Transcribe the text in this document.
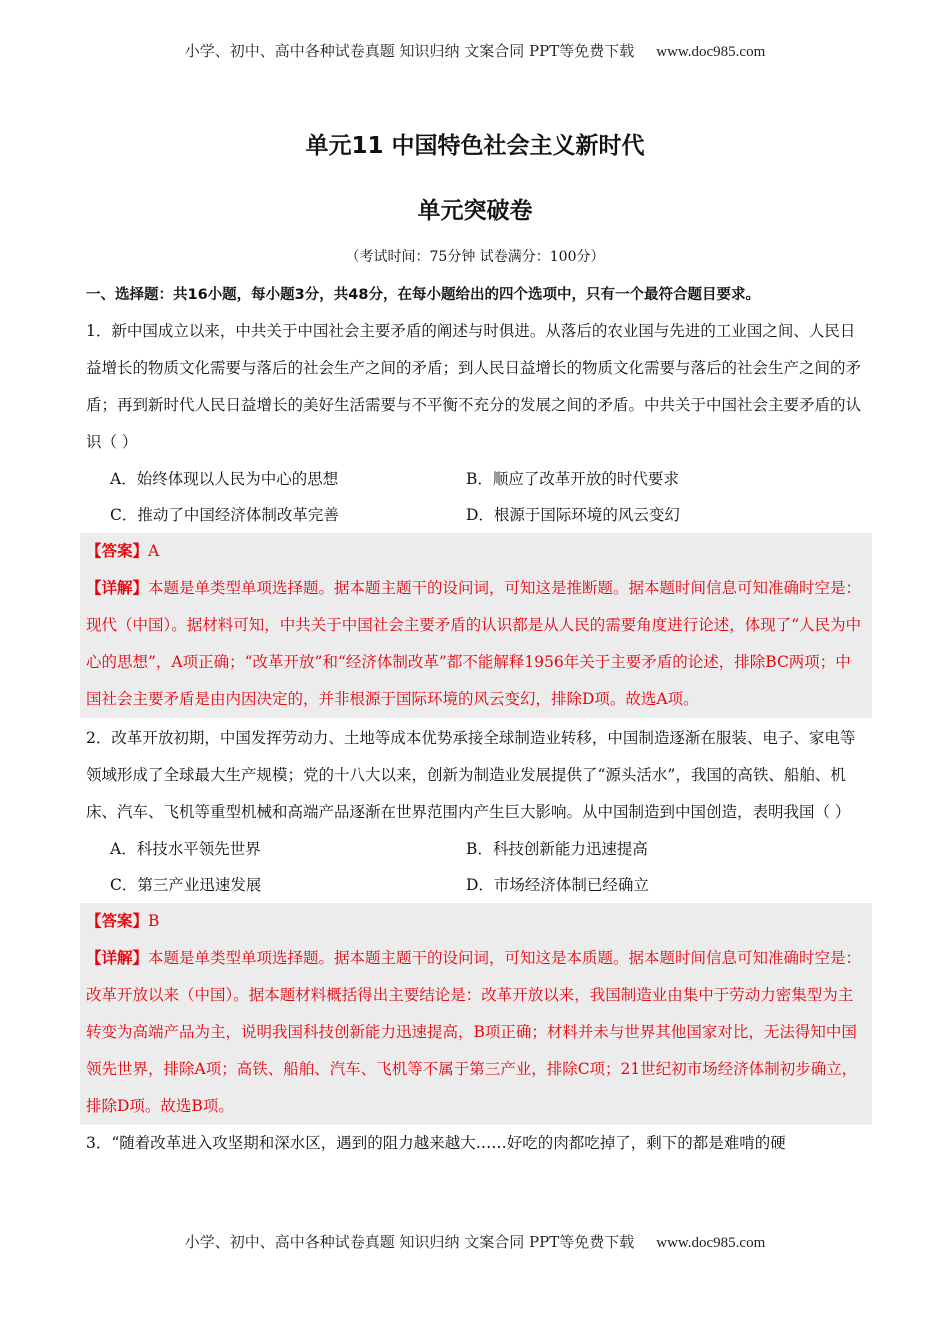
小学、初中、高中各种试卷真题 知识归纳 文案合同 PPT等免费下载 www.doc985.com
单元11 中国特色社会主义新时代
单元突破卷
（考试时间：75分钟 试卷满分：100分）
一、选择题：共16小题，每小题3分，共48分，在每小题给出的四个选项中，只有一个最符合题目要求。

1．新中国成立以来，中共关于中国社会主要矛盾的阐述与时俱进。从落后的农业国与先进的工业国之间、人民日益增长的物质文化需要与落后的社会生产之间的矛盾；到人民日益增长的物质文化需要与落后的社会生产之间的矛盾；再到新时代人民日益增长的美好生活需要与不平衡不充分的发展之间的矛盾。中共关于中国社会主要矛盾的认识（ ）

A．始终体现以人民为中心的思想	B．顺应了改革开放的时代要求
C．推动了中国经济体制改革完善	D．根源于国际环境的风云变幻

【答案】A

【详解】本题是单类型单项选择题。据本题主题干的设问词，可知这是推断题。据本题时间信息可知准确时空是：现代（中国）。据材料可知，中共关于中国社会主要矛盾的认识都是从人民的需要角度进行论述，体现了“人民为中心的思想”，A项正确；“改革开放”和“经济体制改革”都不能解释1956年关于主要矛盾的论述，排除BC两项；中国社会主要矛盾是由内因决定的，并非根源于国际环境的风云变幻，排除D项。故选A项。

2．改革开放初期，中国发挥劳动力、土地等成本优势承接全球制造业转移，中国制造逐渐在服装、电子、家电等领域形成了全球最大生产规模；党的十八大以来，创新为制造业发展提供了“源头活水”，我国的高铁、船舶、机床、汽车、飞机等重型机械和高端产品逐渐在世界范围内产生巨大影响。从中国制造到中国创造，表明我国（ ）

A．科技水平领先世界	B．科技创新能力迅速提高
C．第三产业迅速发展	D．市场经济体制已经确立

【答案】B

【详解】本题是单类型单项选择题。据本题主题干的设问词，可知这是本质题。据本题时间信息可知准确时空是：改革开放以来（中国）。据本题材料概括得出主要结论是：改革开放以来，我国制造业由集中于劳动力密集型为主转变为高端产品为主，说明我国科技创新能力迅速提高，B项正确；材料并未与世界其他国家对比，无法得知中国领先世界，排除A项；高铁、船舶、汽车、飞机等不属于第三产业，排除C项；21世纪初市场经济体制初步确立，排除D项。故选B项。

3．“随着改革进入攻坚期和深水区，遇到的阻力越来越大……好吃的肉都吃掉了，剩下的都是难啃的硬

小学、初中、高中各种试卷真题 知识归纳 文案合同 PPT等免费下载 www.doc985.com
